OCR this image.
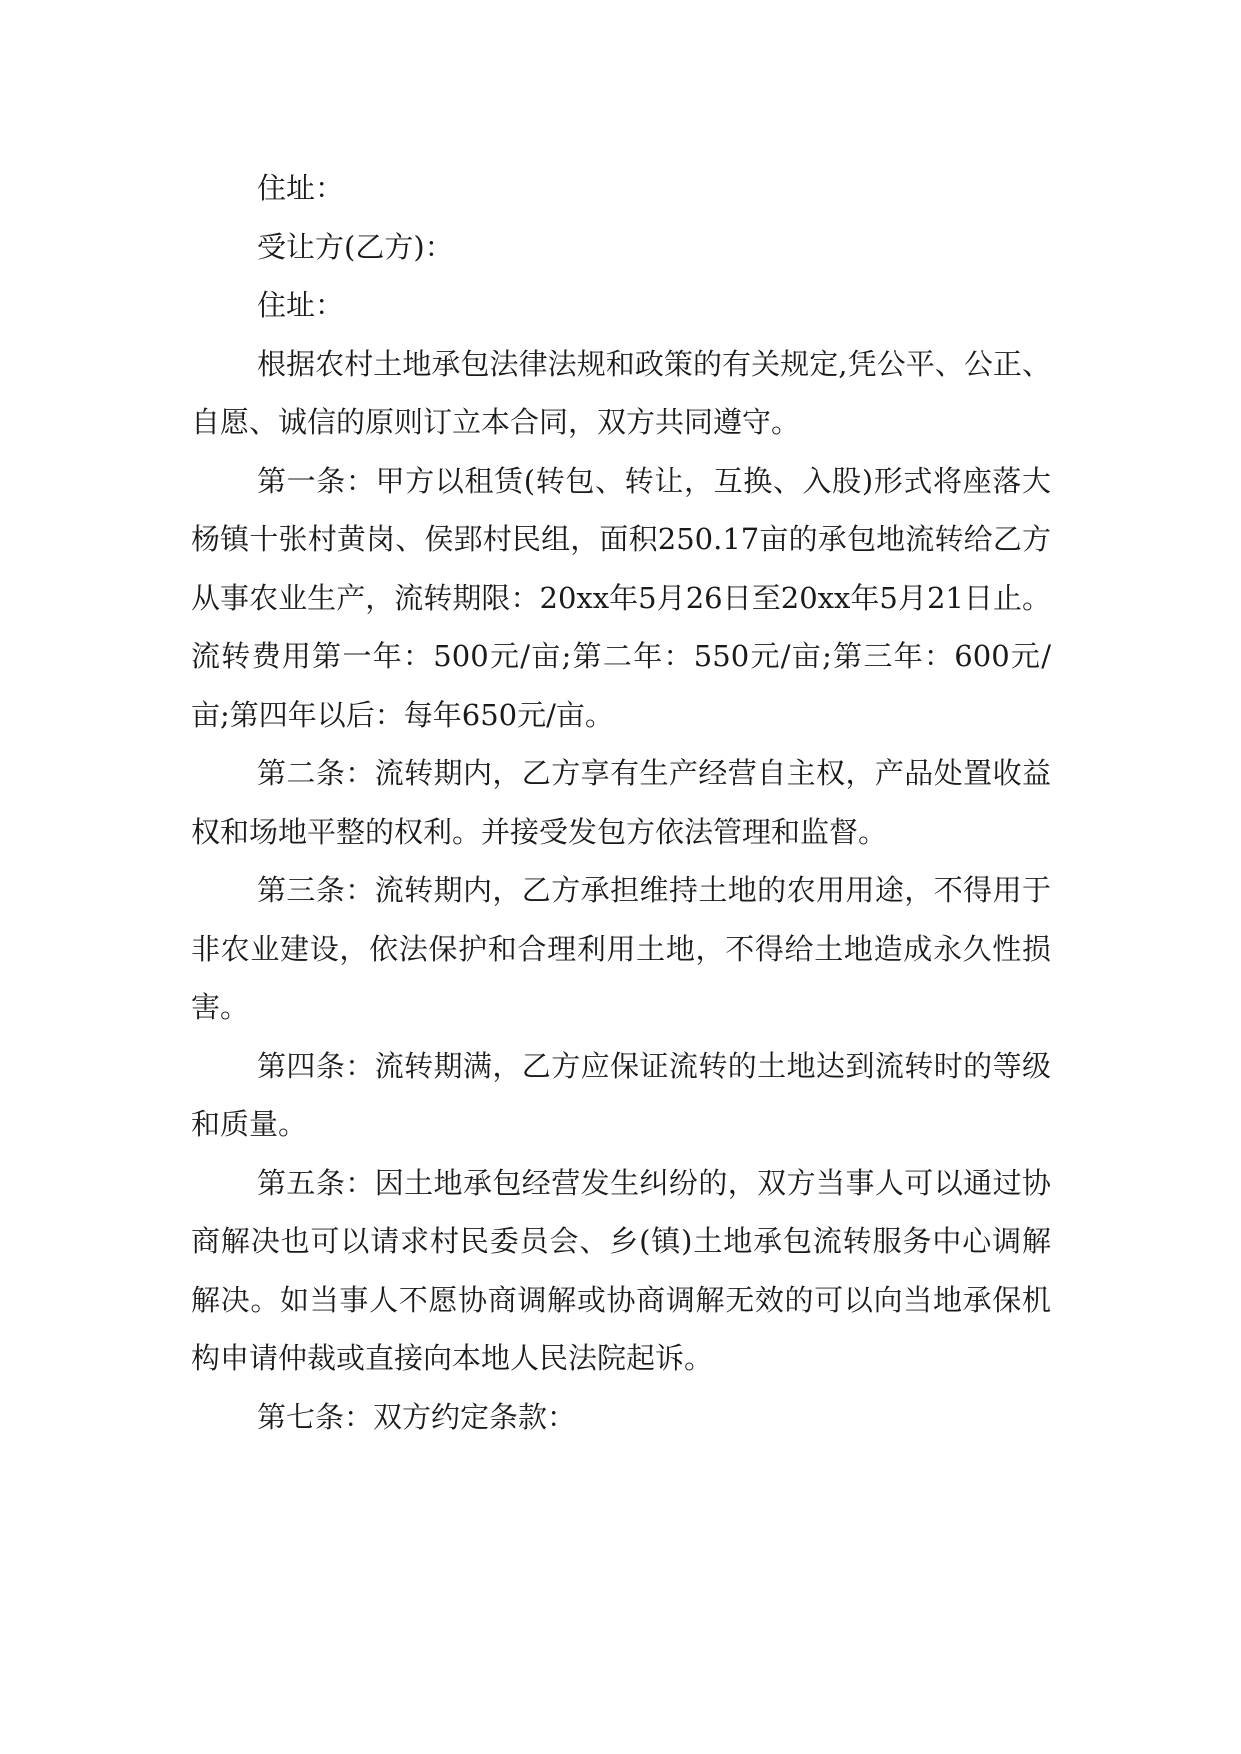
住址：

受让方(乙方)：

住址：

根据农村土地承包法律法规和政策的有关规定,凭公平、公正、自愿、诚信的原则订立本合同，双方共同遵守。

第一条：甲方以租赁(转包、转让，互换、入股)形式将座落大杨镇十张村黄岗、侯郢村民组，面积250.17亩的承包地流转给乙方从事农业生产，流转期限：20xx年5月26日至20xx年5月21日止。流转费用第一年：500元/亩;第二年：550元/亩;第三年：600元/亩;第四年以后：每年650元/亩。

第二条：流转期内，乙方享有生产经营自主权，产品处置收益权和场地平整的权利。并接受发包方依法管理和监督。

第三条：流转期内，乙方承担维持土地的农用用途，不得用于非农业建设，依法保护和合理利用土地，不得给土地造成永久性损害。

第四条：流转期满，乙方应保证流转的土地达到流转时的等级和质量。

第五条：因土地承包经营发生纠纷的，双方当事人可以通过协商解决也可以请求村民委员会、乡(镇)土地承包流转服务中心调解解决。如当事人不愿协商调解或协商调解无效的可以向当地承保机构申请仲裁或直接向本地人民法院起诉。

第七条：双方约定条款：
